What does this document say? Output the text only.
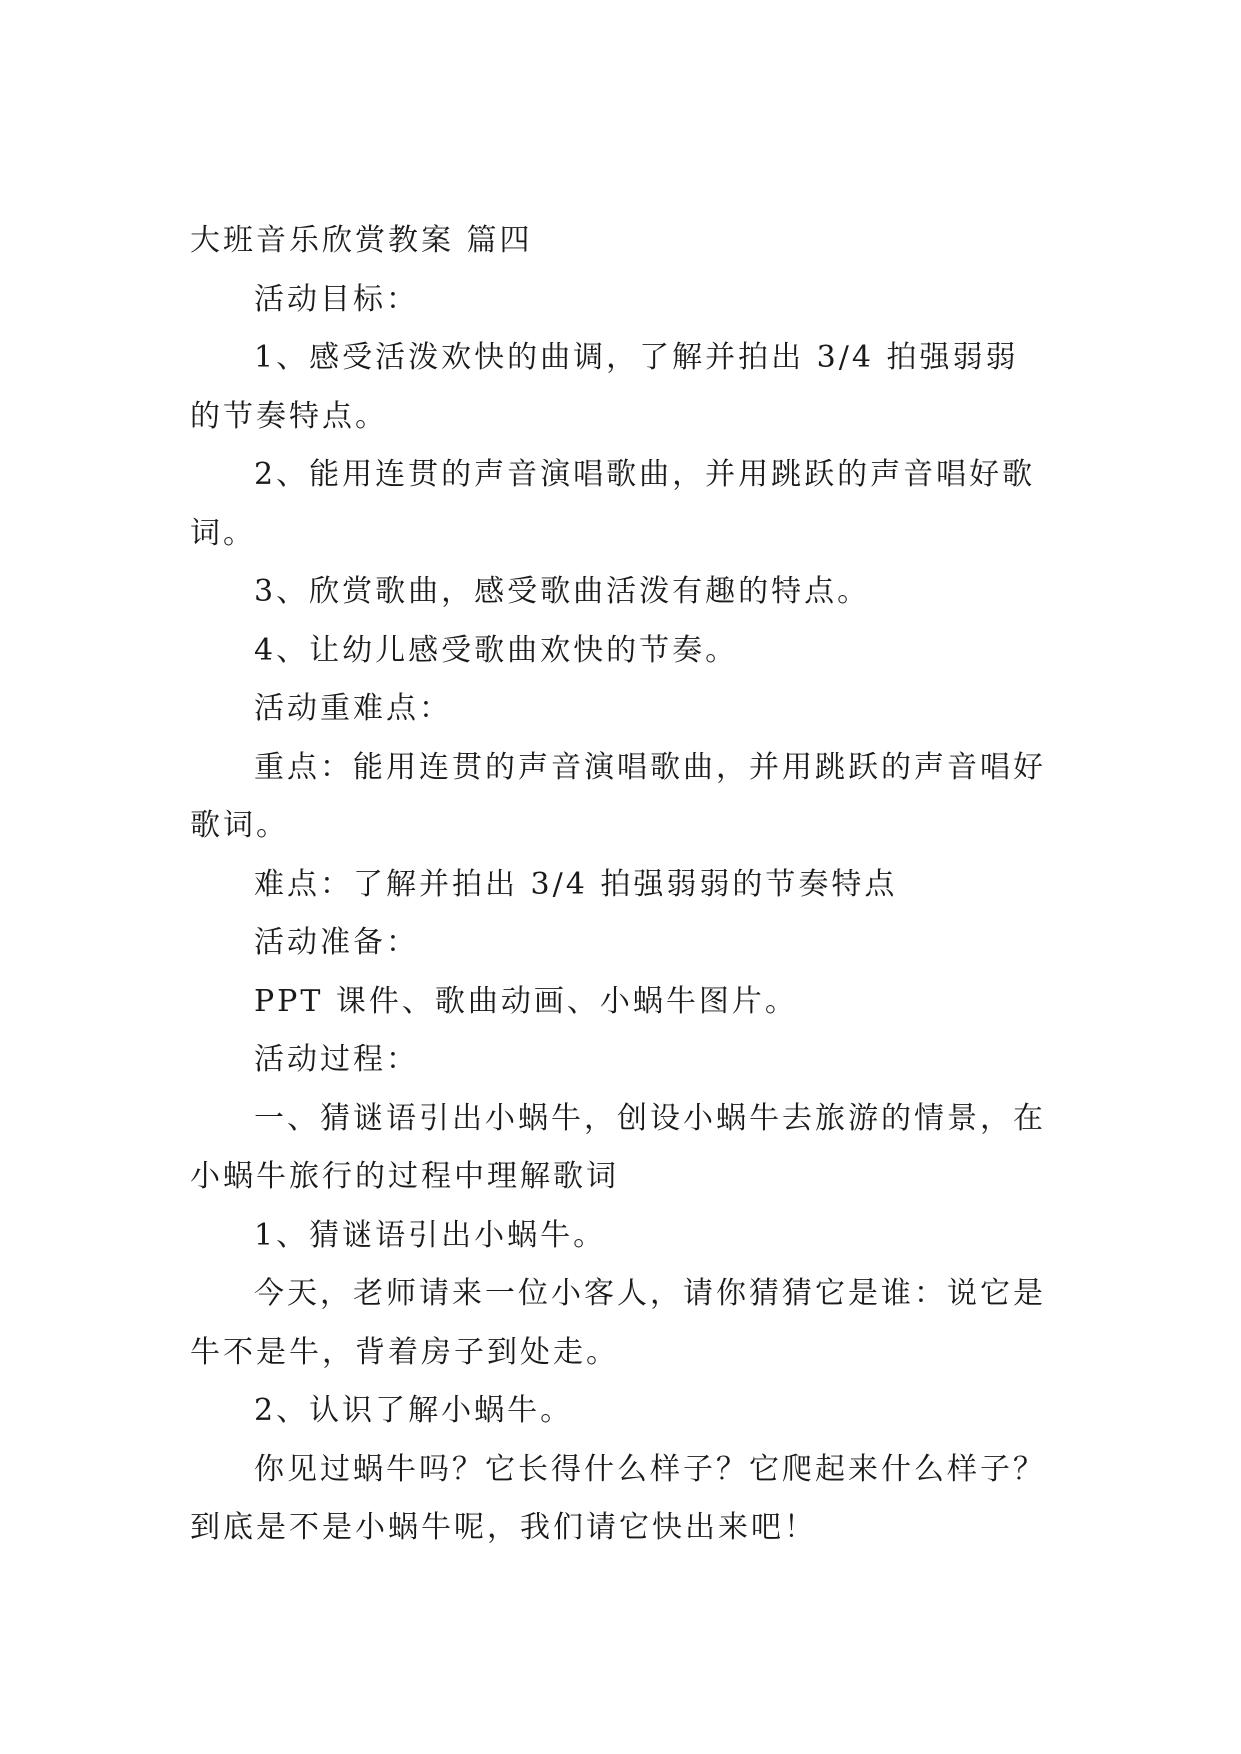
大班音乐欣赏教案 篇四

活动目标：

1、感受活泼欢快的曲调，了解并拍出 3/4 拍强弱弱的节奏特点。

2、能用连贯的声音演唱歌曲，并用跳跃的声音唱好歌词。

3、欣赏歌曲，感受歌曲活泼有趣的特点。

4、让幼儿感受歌曲欢快的节奏。

活动重难点：

重点：能用连贯的声音演唱歌曲，并用跳跃的声音唱好歌词。

难点：了解并拍出 3/4 拍强弱弱的节奏特点

活动准备：

PPT 课件、歌曲动画、小蜗牛图片。

活动过程：

一、猜谜语引出小蜗牛，创设小蜗牛去旅游的情景，在小蜗牛旅行的过程中理解歌词

1、猜谜语引出小蜗牛。

今天，老师请来一位小客人，请你猜猜它是谁：说它是牛不是牛，背着房子到处走。

2、认识了解小蜗牛。

你见过蜗牛吗？它长得什么样子？它爬起来什么样子？到底是不是小蜗牛呢，我们请它快出来吧！
